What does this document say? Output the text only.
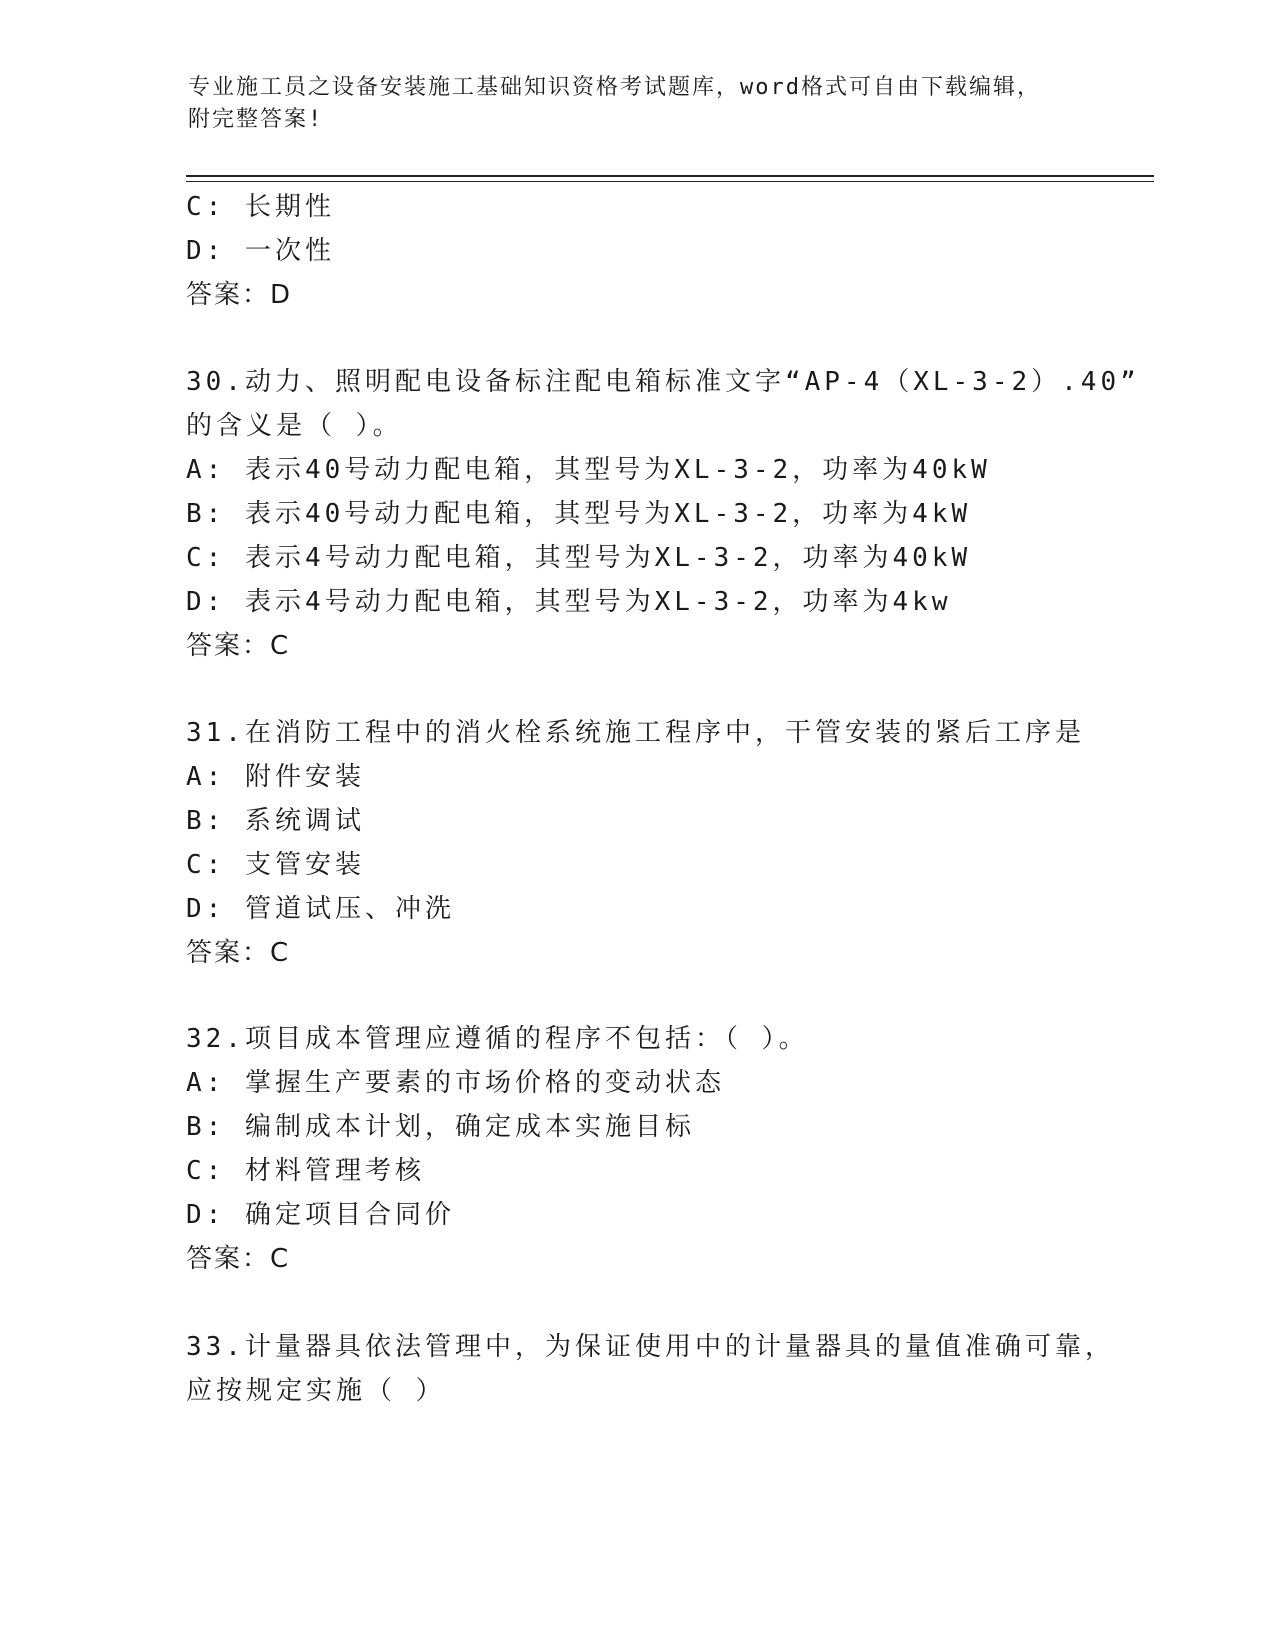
专业施工员之设备安装施工基础知识资格考试题库，word格式可自由下载编辑，
附完整答案!
C: 长期性
D: 一次性
答案：D
30.动力、照明配电设备标注配电箱标准文字“AP-4（XL-3-2）.40”
的含义是（ ）。
A: 表示40号动力配电箱，其型号为XL-3-2，功率为40kW
B: 表示40号动力配电箱，其型号为XL-3-2，功率为4kW
C: 表示4号动力配电箱，其型号为XL-3-2，功率为40kW
D: 表示4号动力配电箱，其型号为XL-3-2，功率为4kw
答案：C
31.在消防工程中的消火栓系统施工程序中，干管安装的紧后工序是
A: 附件安装
B: 系统调试
C: 支管安装
D: 管道试压、冲洗
答案：C
32.项目成本管理应遵循的程序不包括：（ ）。
A: 掌握生产要素的市场价格的变动状态
B: 编制成本计划，确定成本实施目标
C: 材料管理考核
D: 确定项目合同价
答案：C
33.计量器具依法管理中，为保证使用中的计量器具的量值准确可靠，
应按规定实施（ ）
